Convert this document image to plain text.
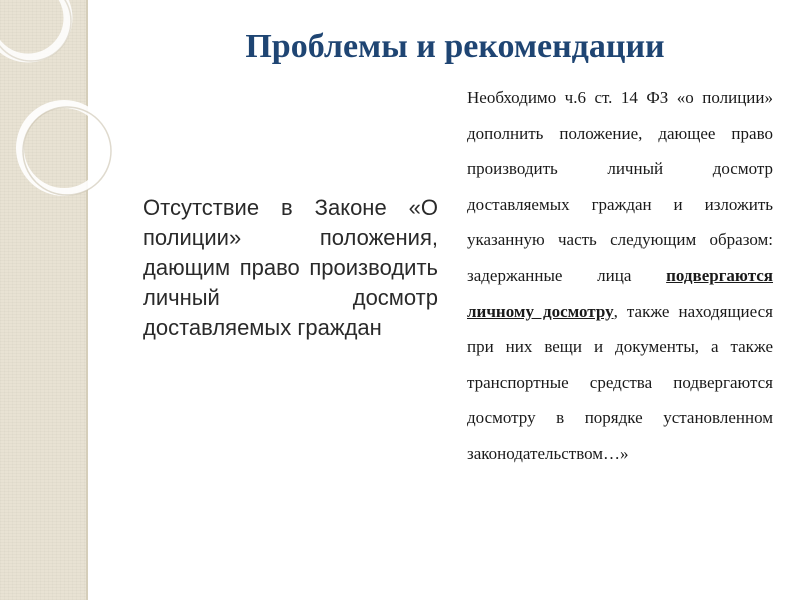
Проблемы и рекомендации

Отсутствие в Законе «О полиции» положения, дающим право производить личный досмотр доставляемых граждан

Необходимо ч.6 ст. 14 ФЗ «о полиции» дополнить положение, дающее право производить личный досмотр доставляемых граждан и изложить указанную часть следующим образом: задержанные лица подвергаются личному досмотру, также находящиеся при них вещи и документы, а также транспортные средства подвергаются досмотру в порядке установленном законодательством…»
